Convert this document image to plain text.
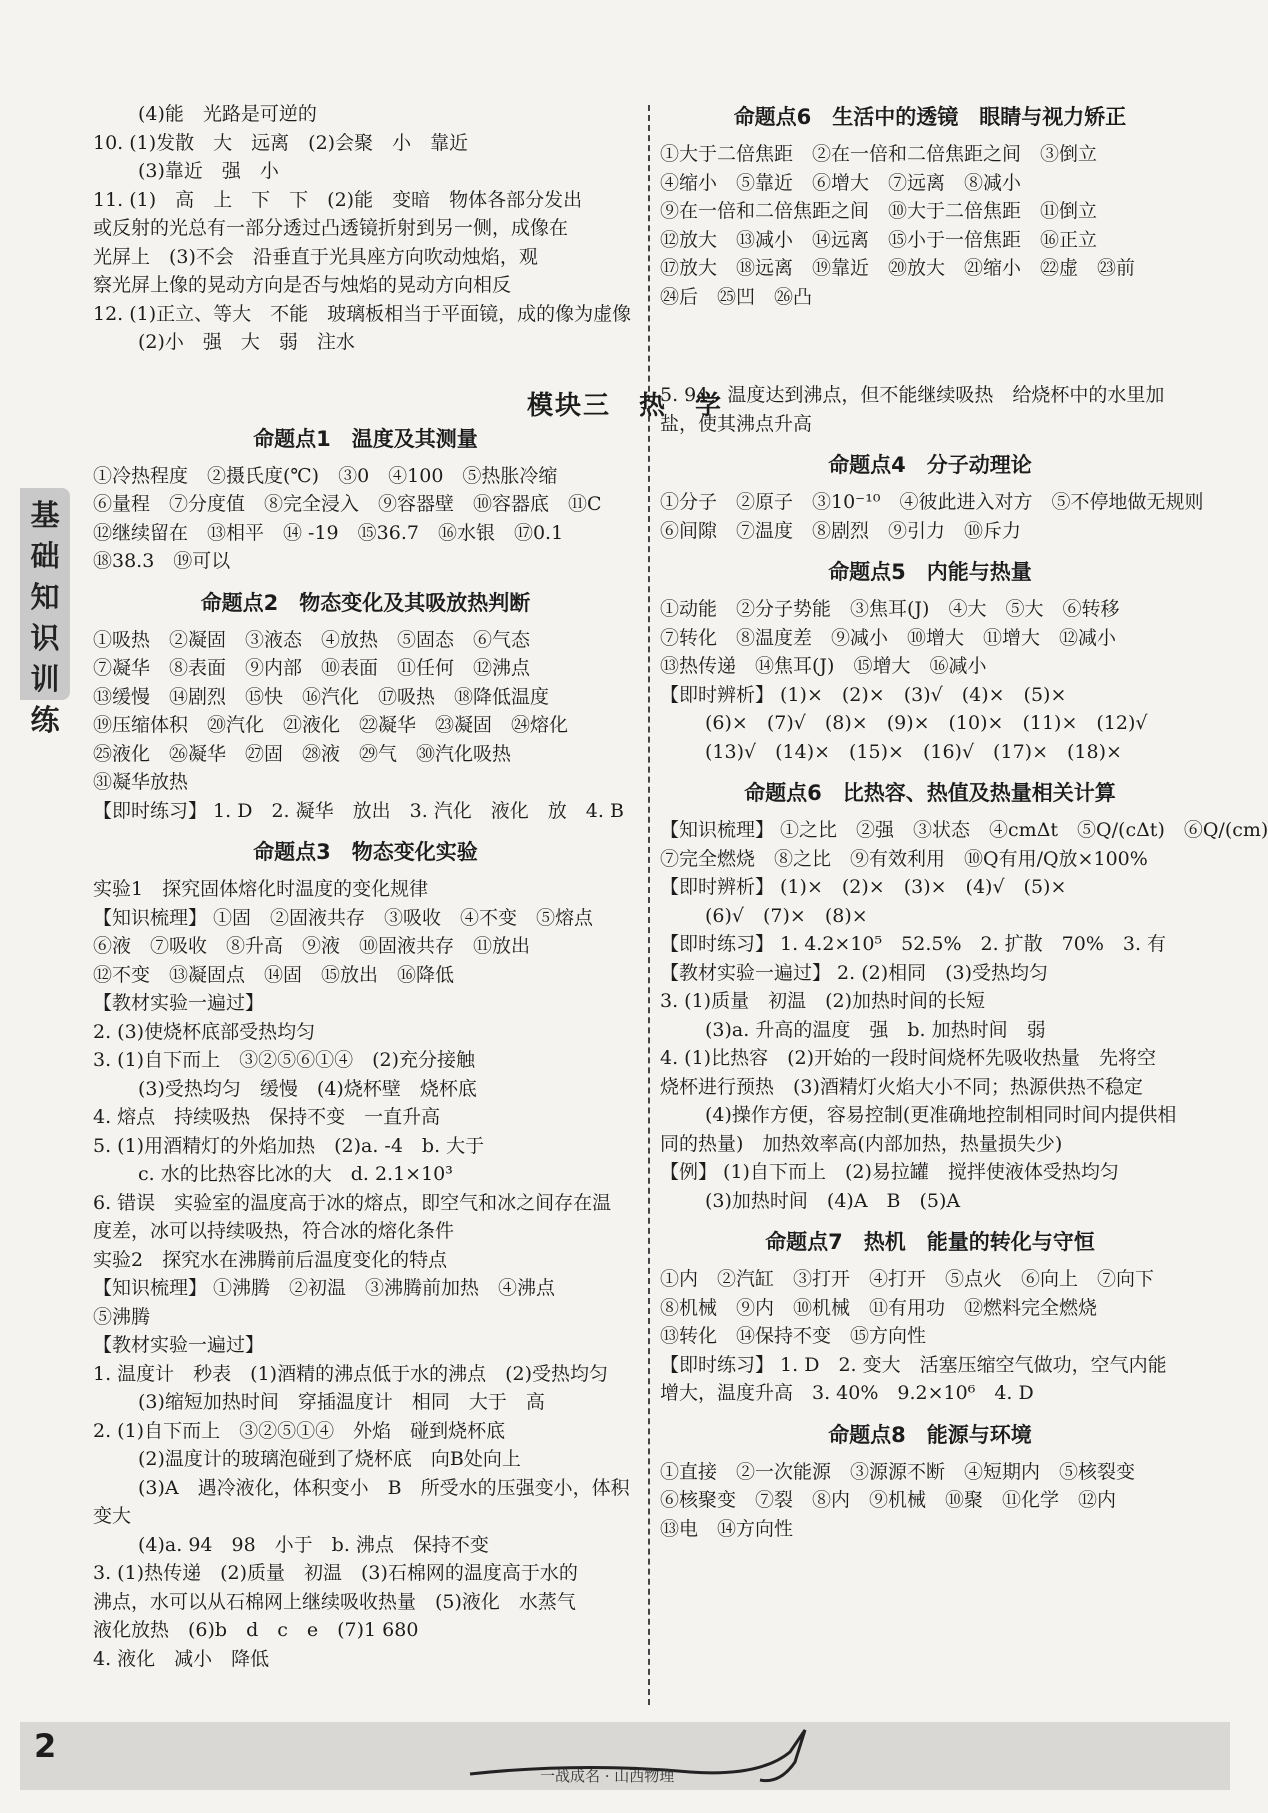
基
础
知
识
训
练
(4)能　光路是可逆的
10. (1)发散　大　远离　(2)会聚　小　靠近
(3)靠近　强　小
11. (1)　高　上　下　下　(2)能　变暗　物体各部分发出
或反射的光总有一部分透过凸透镜折射到另一侧，成像在
光屏上　(3)不会　沿垂直于光具座方向吹动烛焰，观
察光屏上像的晃动方向是否与烛焰的晃动方向相反
12. (1)正立、等大　不能　玻璃板相当于平面镜，成的像为虚像
(2)小　强　大　弱　注水
命题点1　温度及其测量
①冷热程度　②摄氏度(℃)　③0　④100　⑤热胀冷缩
⑥量程　⑦分度值　⑧完全浸入　⑨容器壁　⑩容器底　⑪C
⑫继续留在　⑬相平　⑭ -19　⑮36.7　⑯水银　⑰0.1
⑱38.3　⑲可以
命题点2　物态变化及其吸放热判断
①吸热　②凝固　③液态　④放热　⑤固态　⑥气态
⑦凝华　⑧表面　⑨内部　⑩表面　⑪任何　⑫沸点
⑬缓慢　⑭剧烈　⑮快　⑯汽化　⑰吸热　⑱降低温度
⑲压缩体积　⑳汽化　㉑液化　㉒凝华　㉓凝固　㉔熔化
㉕液化　㉖凝华　㉗固　㉘液　㉙气　㉚汽化吸热
㉛凝华放热
【即时练习】 1. D　2. 凝华　放出　3. 汽化　液化　放　4. B
命题点3　物态变化实验
实验1　探究固体熔化时温度的变化规律
【知识梳理】 ①固　②固液共存　③吸收　④不变　⑤熔点
⑥液　⑦吸收　⑧升高　⑨液　⑩固液共存　⑪放出
⑫不变　⑬凝固点　⑭固　⑮放出　⑯降低
【教材实验一遍过】
2. (3)使烧杯底部受热均匀
3. (1)自下而上　③②⑤⑥①④　(2)充分接触
(3)受热均匀　缓慢　(4)烧杯壁　烧杯底
4. 熔点　持续吸热　保持不变　一直升高
5. (1)用酒精灯的外焰加热　(2)a. -4　b. 大于
c. 水的比热容比冰的大　d. 2.1×10³
6. 错误　实验室的温度高于冰的熔点，即空气和冰之间存在温
度差，冰可以持续吸热，符合冰的熔化条件
实验2　探究水在沸腾前后温度变化的特点
【知识梳理】 ①沸腾　②初温　③沸腾前加热　④沸点
⑤沸腾
【教材实验一遍过】
1. 温度计　秒表　(1)酒精的沸点低于水的沸点　(2)受热均匀
(3)缩短加热时间　穿插温度计　相同　大于　高
2. (1)自下而上　③②⑤①④　外焰　碰到烧杯底
(2)温度计的玻璃泡碰到了烧杯底　向B处向上
(3)A　遇冷液化，体积变小　B　所受水的压强变小，体积
变大
(4)a. 94　98　小于　b. 沸点　保持不变
3. (1)热传递　(2)质量　初温　(3)石棉网的温度高于水的
沸点，水可以从石棉网上继续吸收热量　(5)液化　水蒸气
液化放热　(6)b　d　c　e　(7)1 680
4. 液化　减小　降低
模块三　热　学
命题点6　生活中的透镜　眼睛与视力矫正
①大于二倍焦距　②在一倍和二倍焦距之间　③倒立
④缩小　⑤靠近　⑥增大　⑦远离　⑧减小
⑨在一倍和二倍焦距之间　⑩大于二倍焦距　⑪倒立
⑫放大　⑬减小　⑭远离　⑮小于一倍焦距　⑯正立
⑰放大　⑱远离　⑲靠近　⑳放大　㉑缩小　㉒虚　㉓前
㉔后　㉕凹　㉖凸
5. 94　温度达到沸点，但不能继续吸热　给烧杯中的水里加
盐，使其沸点升高
命题点4　分子动理论
①分子　②原子　③10⁻¹⁰　④彼此进入对方　⑤不停地做无规则
⑥间隙　⑦温度　⑧剧烈　⑨引力　⑩斥力
命题点5　内能与热量
①动能　②分子势能　③焦耳(J)　④大　⑤大　⑥转移
⑦转化　⑧温度差　⑨减小　⑩增大　⑪增大　⑫减小
⑬热传递　⑭焦耳(J)　⑮增大　⑯减小
【即时辨析】 (1)×　(2)×　(3)√　(4)×　(5)×
(6)×　(7)√　(8)×　(9)×　(10)×　(11)×　(12)√
(13)√　(14)×　(15)×　(16)√　(17)×　(18)×
命题点6　比热容、热值及热量相关计算
【知识梳理】 ①之比　②强　③状态　④cmΔt　⑤Q/(cΔt)　⑥Q/(cm)
⑦完全燃烧　⑧之比　⑨有效利用　⑩Q有用/Q放×100%
【即时辨析】 (1)×　(2)×　(3)×　(4)√　(5)×
(6)√　(7)×　(8)×
【即时练习】 1. 4.2×10⁵　52.5%　2. 扩散　70%　3. 有
【教材实验一遍过】 2. (2)相同　(3)受热均匀
3. (1)质量　初温　(2)加热时间的长短
(3)a. 升高的温度　强　b. 加热时间　弱
4. (1)比热容　(2)开始的一段时间烧杯先吸收热量　先将空
烧杯进行预热　(3)酒精灯火焰大小不同；热源供热不稳定
(4)操作方便，容易控制(更准确地控制相同时间内提供相
同的热量)　加热效率高(内部加热，热量损失少)
【例】 (1)自下而上　(2)易拉罐　搅拌使液体受热均匀
(3)加热时间　(4)A　B　(5)A
命题点7　热机　能量的转化与守恒
①内　②汽缸　③打开　④打开　⑤点火　⑥向上　⑦向下
⑧机械　⑨内　⑩机械　⑪有用功　⑫燃料完全燃烧
⑬转化　⑭保持不变　⑮方向性
【即时练习】 1. D　2. 变大　活塞压缩空气做功，空气内能
增大，温度升高　3. 40%　9.2×10⁶　4. D
命题点8　能源与环境
①直接　②一次能源　③源源不断　④短期内　⑤核裂变
⑥核聚变　⑦裂　⑧内　⑨机械　⑩聚　⑪化学　⑫内
⑬电　⑭方向性
2
一战成名 · 山西物理
